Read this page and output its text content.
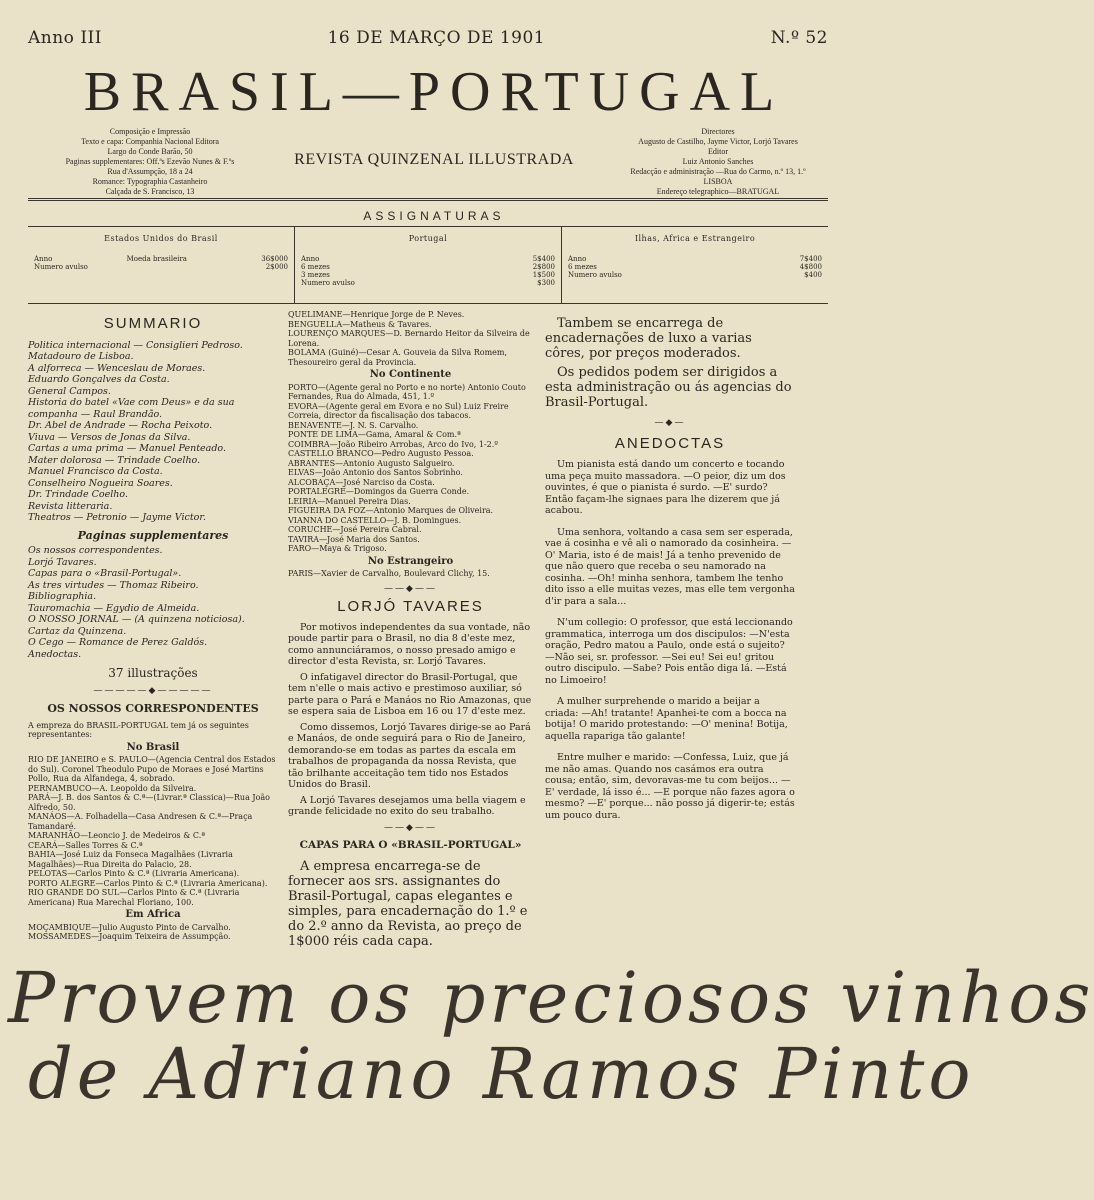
Anno III	16 DE MARÇO DE 1901	N.º 52
BRASIL—PORTUGAL
Composição e Impressão
Texto e capa: Companhia Nacional Editora
Largo do Conde Barão, 50
Paginas supplementares: Off.ªs Ezevão Nunes & F.ºs
Rua d'Assumpção, 18 a 24
Romance: Typographia Castanheiro
Calçada de S. Francisco, 13
REVISTA QUINZENAL ILLUSTRADA
Directores
Augusto de Castilho, Jayme Victor, Lorjó Tavares
Editor
Luiz Antonio Sanches
Redacção e administração —Rua do Carmo, n.º 13, 1.º
LISBOA
Endereço telegraphico—BRATUGAL
ASSIGNATURAS
Estados Unidos do Brasil
Anno	Moeda brasileira	36$000
Numero avulso	2$000
Portugal
Anno	5$400
6 mezes	2$800
3 mezes	1$500
Numero avulso	$300
Ilhas, Africa e Estrangeiro
Anno	7$400
6 mezes	4$800
Numero avulso	$400
SUMMARIO

Politica internacional — Consiglieri Pedroso.

Matadouro de Lisboa.

A alforreca — Wenceslau de Moraes.

Eduardo Gonçalves da Costa.

General Campos.

Historia do batel «Vae com Deus» e da sua companha — Raul Brandão.

Dr. Abel de Andrade — Rocha Peixoto.

Viuva — Versos de Jonas da Silva.

Cartas a uma prima — Manuel Penteado.

Mater dolorosa — Trindade Coelho.

Manuel Francisco da Costa.

Conselheiro Nogueira Soares.

Dr. Trindade Coelho.

Revista litteraria.

Theatros — Petronio — Jayme Victor.

Paginas supplementares

Os nossos correspondentes.

Lorjó Tavares.

Capas para o «Brasil-Portugal».

As tres virtudes — Thomaz Ribeiro.

Bibliographia.

Tauromachia — Egydio de Almeida.

O NOSSO JORNAL — (A quinzena noticiosa).

Cartaz da Quinzena.

O Cego — Romance de Perez Galdós.

Anedoctas.

37 illustrações

—————◆—————

OS NOSSOS CORRESPONDENTES

A empreza do BRASIL-PORTUGAL tem já os seguintes representantes:

No Brasil

RIO DE JANEIRO e S. PAULO—(Agencia Central dos Estados do Sul). Coronel Theodulo Pupo de Moraes e José Martins Pollo, Rua da Alfandega, 4, sobrado.

PERNAMBUCO—A. Leopoldo da Silveira.

PARÁ—J. B. dos Santos & C.ª—(Livrar.ª Classica)—Rua João Alfredo, 50.

MANÁOS—A. Folhadella—Casa Andresen & C.ª—Praça Tamandaré.

MARANHÃO—Leoncio J. de Medeiros & C.ª

CEARÁ—Salles Torres & C.ª

BAHIA—José Luiz da Fonseca Magalhães (Livraria Magalhães)—Rua Direita do Palacio, 28.

PELOTAS—Carlos Pinto & C.ª (Livraria Americana).

PORTO ALEGRE—Carlos Pinto & C.ª (Livraria Americana).

RIO GRANDE DO SUL—Carlos Pinto & C.ª (Livraria Americana) Rua Marechal Floriano, 100.

Em Africa

MOÇAMBIQUE—Julio Augusto Pinto de Carvalho.

MOSSAMEDES—Joaquim Teixeira de Assumpção.

QUELIMANE—Henrique Jorge de P. Neves.

BENGUELLA—Matheus & Tavares.

LOURENÇO MARQUES—D. Bernardo Heitor da Silveira de Lorena.

BOLAMA (Guiné)—Cesar A. Gouveia da Silva Romem, Thesoureiro geral da Provincia.

No Continente

PORTO—(Agente geral no Porto e no norte) Antonio Couto Fernandes, Rua do Almada, 451, 1.º

EVORA—(Agente geral em Evora e no Sul) Luiz Freire Correia, director da fiscalisação dos tabacos.

BENAVENTE—J. N. S. Carvalho.

PONTE DE LIMA—Gama, Amaral & Com.ª

COIMBRA—João Ribeiro Arrobas, Arco do Ivo, 1-2.º

CASTELLO BRANCO—Pedro Augusto Pessoa.

ABRANTES—Antonio Augusto Salgueiro.

ELVAS—João Antonio dos Santos Sobrinho.

ALCOBAÇA—José Narciso da Costa.

PORTALEGRE—Domingos da Guerra Conde.

LEIRIA—Manuel Pereira Dias.

FIGUEIRA DA FOZ—Antonio Marques de Oliveira.

VIANNA DO CASTELLO—J. B. Domingues.

CORUCHE—José Pereira Cabral.

TAVIRA—José Maria dos Santos.

FARO—Maya & Trigoso.

No Estrangeiro

PARIS—Xavier de Carvalho, Boulevard Clichy, 15.

——◆——
LORJÓ TAVARES

Por motivos independentes da sua vontade, não poude partir para o Brasil, no dia 8 d'este mez, como annunciáramos, o nosso presado amigo e director d'esta Revista, sr. Lorjó Tavares.

O infatigavel director do Brasil-Portugal, que tem n'elle o mais activo e prestimoso auxiliar, só parte para o Pará e Manáos no Rio Amazonas, que se espera saia de Lisboa em 16 ou 17 d'este mez.

Como dissemos, Lorjó Tavares dirige-se ao Pará e Manáos, de onde seguirá para o Rio de Janeiro, demorando-se em todas as partes da escala em trabalhos de propaganda da nossa Revista, que tão brilhante acceitação tem tido nos Estados Unidos do Brasil.

A Lorjó Tavares desejamos uma bella viagem e grande felicidade no exito do seu trabalho.

——◆——

CAPAS PARA O «BRASIL-PORTUGAL»

A empresa encarrega-se de fornecer aos srs. assignantes do Brasil-Portugal, capas elegantes e simples, para encadernação do 1.º e do 2.º anno da Revista, ao preço de 1$000 réis cada capa.

Tambem se encarrega de encadernações de luxo a varias côres, por preços moderados.

Os pedidos podem ser dirigidos a esta administração ou ás agencias do Brasil-Portugal.

—◆—
ANEDOCTAS

Um pianista está dando um concerto e tocando uma peça muito massadora. —O peior, diz um dos ouvintes, é que o pianista é surdo. —E' surdo? Então façam-lhe signaes para lhe dizerem que já acabou.

Uma senhora, voltando a casa sem ser esperada, vae á cosinha e vê ali o namorado da cosinheira. —O' Maria, isto é de mais! Já a tenho prevenido de que não quero que receba o seu namorado na cosinha. —Oh! minha senhora, tambem lhe tenho dito isso a elle muitas vezes, mas elle tem vergonha d'ir para a sala...

N'um collegio: O professor, que está leccionando grammatica, interroga um dos discipulos: —N'esta oração, Pedro matou a Paulo, onde está o sujeito? —Não sei, sr. professor. —Sei eu! Sei eu! gritou outro discipulo. —Sabe? Pois então diga lá. —Está no Limoeiro!

A mulher surprehende o marido a beijar a criada: —Ah! tratante! Apanhei-te com a bocca na botija! O marido protestando: —O' menina! Botija, aquella rapariga tão galante!

Entre mulher e marido: —Confessa, Luiz, que já me não amas. Quando nos casámos era outra cousa; então, sim, devoravas-me tu com beijos... —E' verdade, lá isso é... —E porque não fazes agora o mesmo? —E' porque... não posso já digerir-te; estás um pouco dura.

Provem os preciosos vinhos
de Adriano Ramos Pinto
